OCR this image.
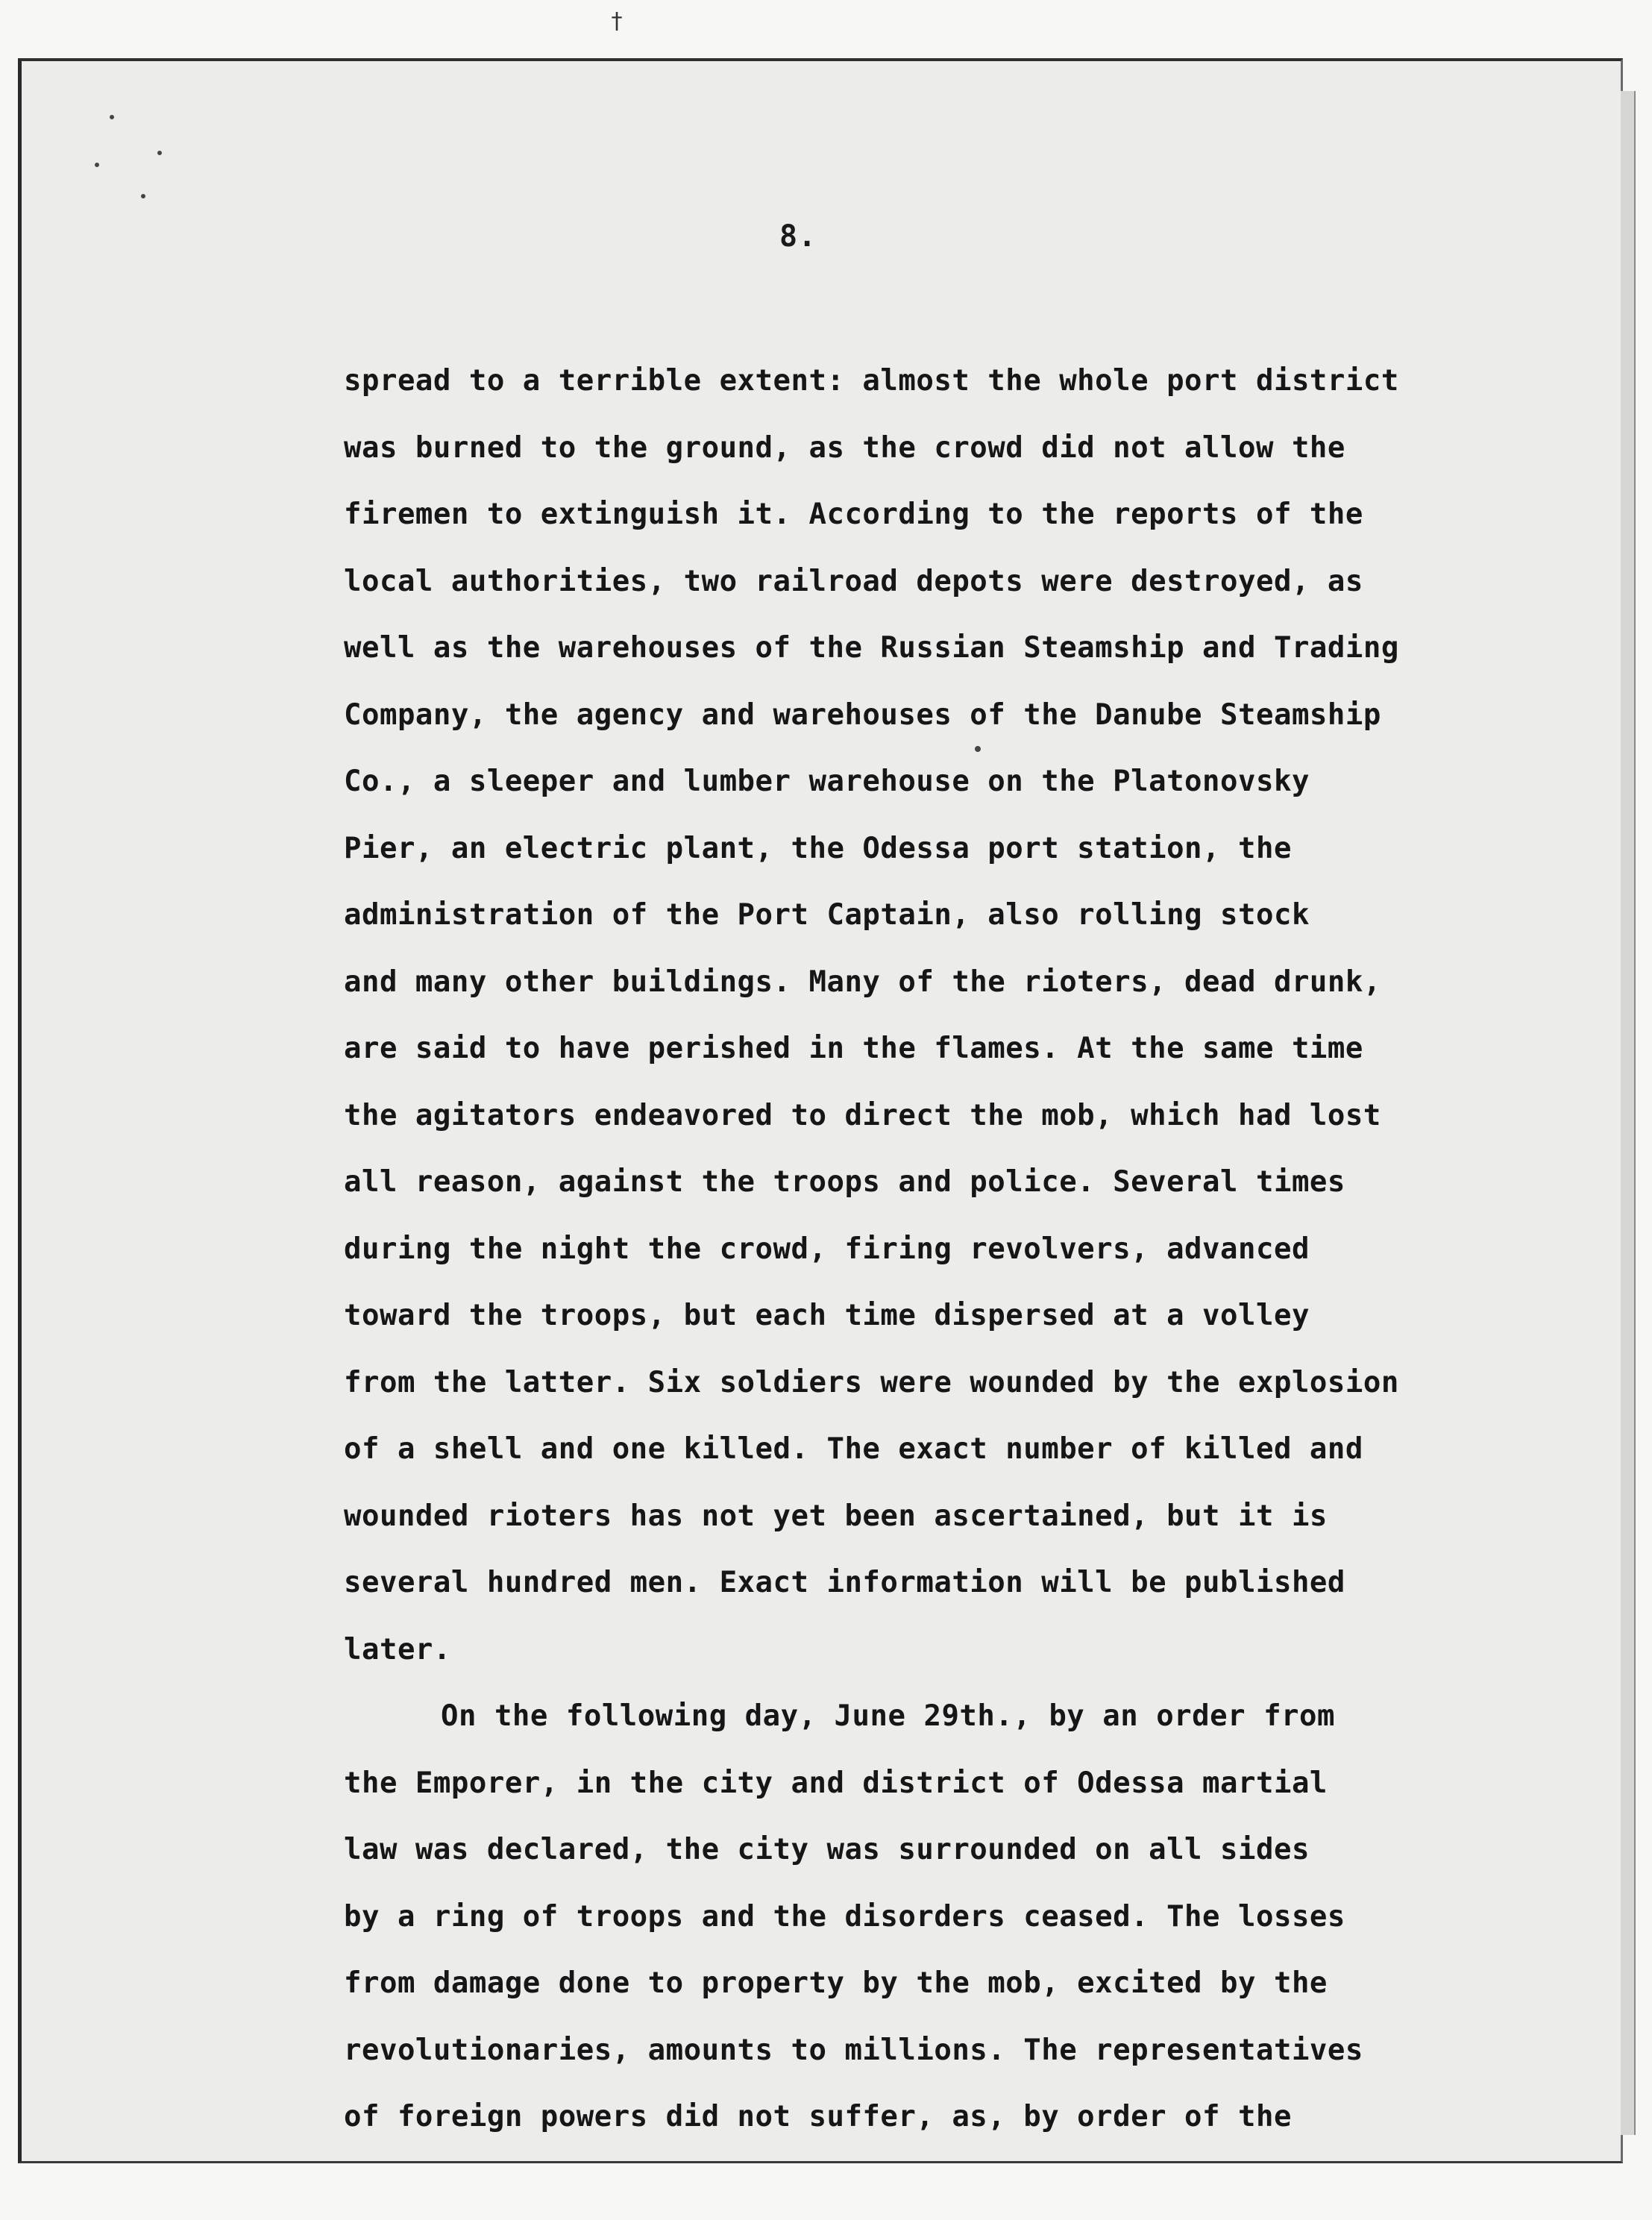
†
8.
spread to a terrible extent: almost the whole port district
was burned to the ground, as the crowd did not allow the
firemen to extinguish it. According to the reports of the
local authorities, two railroad depots were destroyed, as
well as the warehouses of the Russian Steamship and Trading
Company, the agency and warehouses of the Danube Steamship
Co., a sleeper and lumber warehouse on the Platonovsky
Pier, an electric plant, the Odessa port station, the
administration of the Port Captain, also rolling stock
and many other buildings. Many of the rioters, dead drunk,
are said to have perished in the flames. At the same time
the agitators endeavored to direct the mob, which had lost
all reason, against the troops and police. Several times
during the night the crowd, firing revolvers, advanced
toward the troops, but each time dispersed at a volley
from the latter. Six soldiers were wounded by the explosion
of a shell and one killed. The exact number of killed and
wounded rioters has not yet been ascertained, but it is
several hundred men. Exact information will be published
later.
On the following day, June 29th., by an order from
the Emporer, in the city and district of Odessa martial
law was declared, the city was surrounded on all sides
by a ring of troops and the disorders ceased. The losses
from damage done to property by the mob, excited by the
revolutionaries, amounts to millions. The representatives
of foreign powers did not suffer, as, by order of the
